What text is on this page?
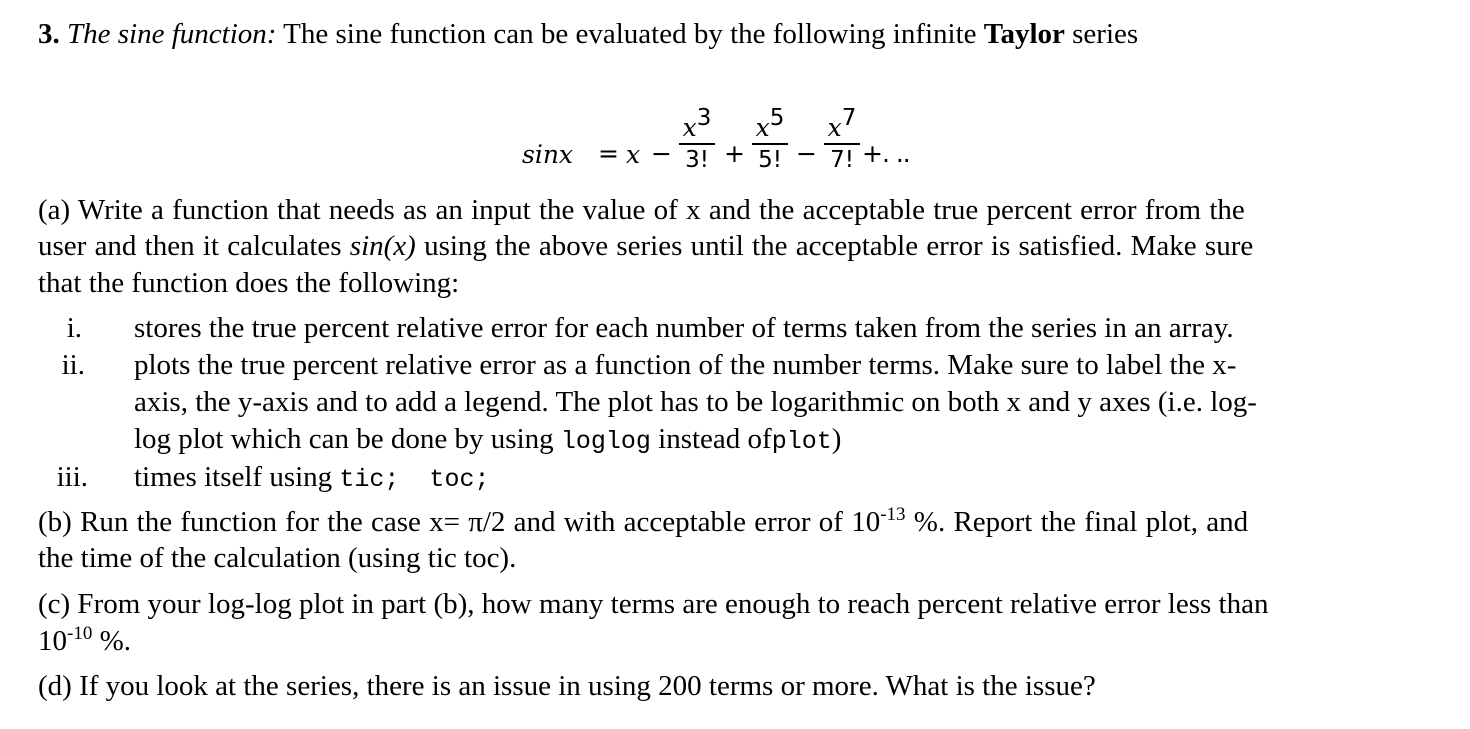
3. The sine function: The sine function can be evaluated by the following infinite Taylor series
sinx = x −
$x^3$
3! +
$x^5$
5! −
$x^7$
7! +. ..
(a) Write a function that needs as an input the value of x and the acceptable true percent error from the
user and then it calculates sin(x) using the above series until the acceptable error is satisfied. Make sure
that the function does the following:
i. stores the true percent relative error for each number of terms taken from the series in an array.
ii. plots the true percent relative error as a function of the number terms. Make sure to label the x-
axis, the y-axis and to add a legend. The plot has to be logarithmic on both x and y axes (i.e. log-
log plot which can be done by using loglog instead ofplot)
iii. times itself using tic;  toc;
(b) Run the function for the case x= π/2 and with acceptable error of $10^{-13}$ %. Report the final plot, and
the time of the calculation (using tic toc).
(c) From your log-log plot in part (b), how many terms are enough to reach percent relative error less than
$10^{-10}$ %.
(d) If you look at the series, there is an issue in using 200 terms or more. What is the issue?
